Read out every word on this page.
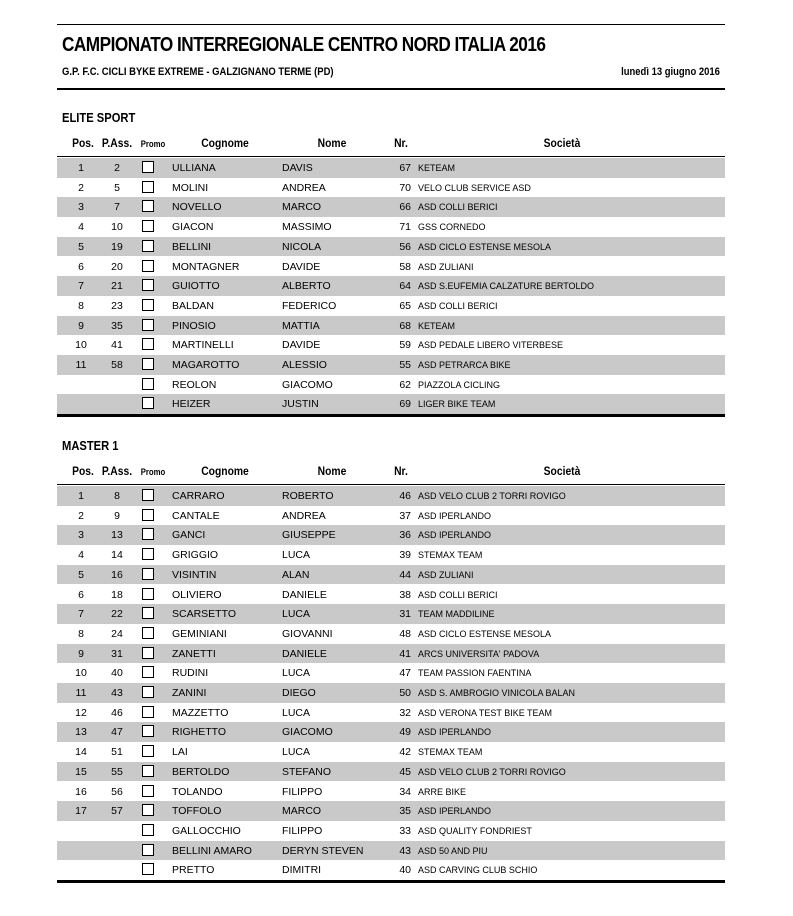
CAMPIONATO INTERREGIONALE CENTRO NORD ITALIA 2016
G.P. F.C. CICLI BYKE EXTREME - GALZIGNANO TERME (PD)	lunedì 13 giugno 2016
ELITE SPORT
Pos. P.Ass. Promo	Cognome	Nome	Nr.	Società
1	2	ULLIANA	DAVIS	67 KETEAM
2	5	MOLINI	ANDREA	70 VELO CLUB SERVICE ASD
3	7	NOVELLO	MARCO	66 ASD COLLI BERICI
4	10	GIACON	MASSIMO	71 GSS CORNEDO
5	19	BELLINI	NICOLA	56 ASD CICLO ESTENSE MESOLA
6	20	MONTAGNER	DAVIDE	58 ASD ZULIANI
7	21	GUIOTTO	ALBERTO	64 ASD S.EUFEMIA CALZATURE BERTOLDO
8	23	BALDAN	FEDERICO	65 ASD COLLI BERICI
9	35	PINOSIO	MATTIA	68 KETEAM
10	41	MARTINELLI	DAVIDE	59 ASD PEDALE LIBERO VITERBESE
11	58	MAGAROTTO	ALESSIO	55 ASD PETRARCA BIKE
REOLON	GIACOMO	62 PIAZZOLA CICLING
HEIZER	JUSTIN	69 LIGER BIKE TEAM
MASTER 1
Pos. P.Ass. Promo	Cognome	Nome	Nr.	Società
1	8	CARRARO	ROBERTO	46 ASD VELO CLUB 2 TORRI ROVIGO
2	9	CANTALE	ANDREA	37 ASD IPERLANDO
3	13	GANCI	GIUSEPPE	36 ASD IPERLANDO
4	14	GRIGGIO	LUCA	39 STEMAX TEAM
5	16	VISINTIN	ALAN	44 ASD ZULIANI
6	18	OLIVIERO	DANIELE	38 ASD COLLI BERICI
7	22	SCARSETTO	LUCA	31 TEAM MADDILINE
8	24	GEMINIANI	GIOVANNI	48 ASD CICLO ESTENSE MESOLA
9	31	ZANETTI	DANIELE	41 ARCS UNIVERSITA' PADOVA
10	40	RUDINI	LUCA	47 TEAM PASSION FAENTINA
11	43	ZANINI	DIEGO	50 ASD S. AMBROGIO VINICOLA BALAN
12	46	MAZZETTO	LUCA	32 ASD VERONA TEST BIKE TEAM
13	47	RIGHETTO	GIACOMO	49 ASD IPERLANDO
14	51	LAI	LUCA	42 STEMAX TEAM
15	55	BERTOLDO	STEFANO	45 ASD VELO CLUB 2 TORRI ROVIGO
16	56	TOLANDO	FILIPPO	34 ARRE BIKE
17	57	TOFFOLO	MARCO	35 ASD IPERLANDO
GALLOCCHIO	FILIPPO	33 ASD QUALITY FONDRIEST
BELLINI AMARO	DERYN STEVEN	43 ASD 50 AND PIU
PRETTO	DIMITRI	40 ASD CARVING CLUB SCHIO
